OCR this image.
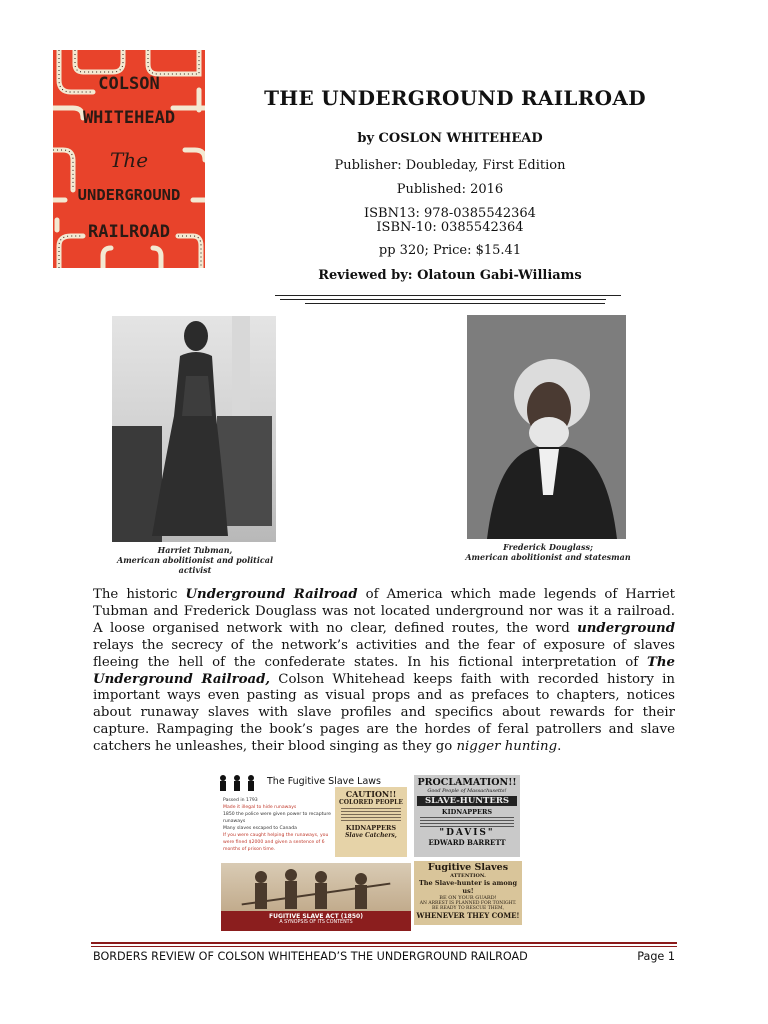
COLSON
WHITEHEAD
The
UNDERGROUND
RAILROAD
THE UNDERGROUND RAILROAD
by COSLON WHITEHEAD
Publisher: Doubleday, First Edition
Published: 2016
ISBN13: 978-0385542364
ISBN-10: 0385542364
pp 320; Price: $15.41
Reviewed by: Olatoun Gabi-Williams
Harriet Tubman,
American abolitionist and political activist
Frederick Douglass;
American abolitionist and statesman
The historic Underground Railroad of America which made legends of Harriet Tubman and Frederick Douglass was not located underground nor was it a railroad. A loose organised network with no clear, defined routes, the word underground relays the secrecy of the network’s activities and the fear of exposure of slaves fleeing the hell of the confederate states. In his fictional interpretation of The Underground Railroad, Colson Whitehead keeps faith with recorded history in important ways even pasting as visual props and as prefaces to chapters, notices about runaway slaves with slave profiles and specifics about rewards for their capture. Rampaging the book’s pages are the hordes of feral patrollers and slave catchers he unleashes, their blood singing as they go nigger hunting.
The Fugitive Slave Laws
Passed in 1793
Made it illegal to hide runaways
1850 the police were given power to recapture runaways
Many slaves escaped to Canada
If you were caught helping the runaways, you were fined $2000 and given a sentence of 6 months of prison time.
CAUTION!!
COLORED PEOPLE
KIDNAPPERS
Slave Catchers,
PROCLAMATION!!
Good People of Massachusetts!
SLAVE-HUNTERS
KIDNAPPERS
"DAVIS"
EDWARD BARRETT
FUGITIVE SLAVE ACT (1850)
A SYNOPSIS OF ITS CONTENTS
Fugitive Slaves
ATTENTION.
The Slave-hunter is among us!
BE ON YOUR GUARD!
AN ARREST IS PLANNED FOR TONIGHT.
BE READY TO RESCUE THEM,
WHENEVER THEY COME!
BORDERS REVIEW OF COLSON WHITEHEAD’S THE UNDERGROUND RAILROAD	Page 1
